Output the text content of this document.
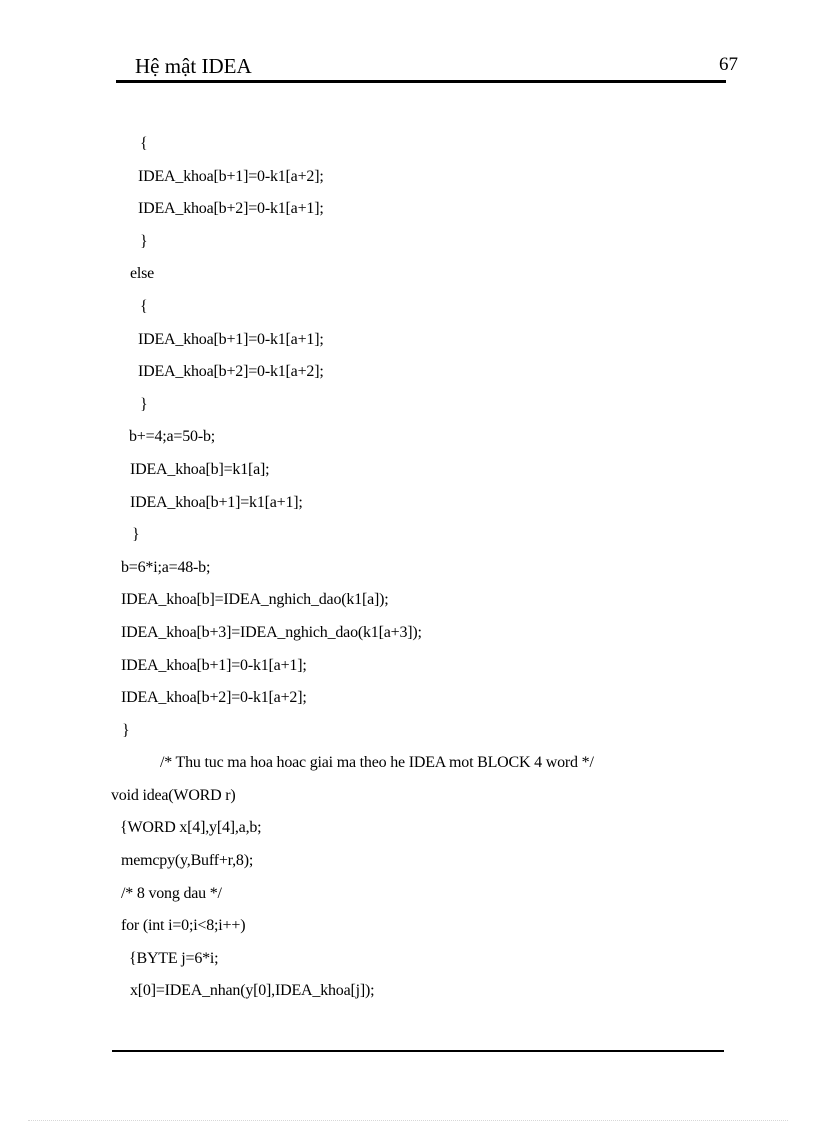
Hệ mật IDEA	67
{
IDEA_khoa[b+1]=0-k1[a+2];
IDEA_khoa[b+2]=0-k1[a+1];
}
else
{
IDEA_khoa[b+1]=0-k1[a+1];
IDEA_khoa[b+2]=0-k1[a+2];
}
b+=4;a=50-b;
IDEA_khoa[b]=k1[a];
IDEA_khoa[b+1]=k1[a+1];
}
b=6*i;a=48-b;
IDEA_khoa[b]=IDEA_nghich_dao(k1[a]);
IDEA_khoa[b+3]=IDEA_nghich_dao(k1[a+3]);
IDEA_khoa[b+1]=0-k1[a+1];
IDEA_khoa[b+2]=0-k1[a+2];
}
/* Thu tuc ma hoa hoac giai ma theo he IDEA mot BLOCK 4 word */
void idea(WORD r)
{WORD x[4],y[4],a,b;
memcpy(y,Buff+r,8);
/* 8 vong dau */
for (int i=0;i<8;i++)
{BYTE j=6*i;
x[0]=IDEA_nhan(y[0],IDEA_khoa[j]);
